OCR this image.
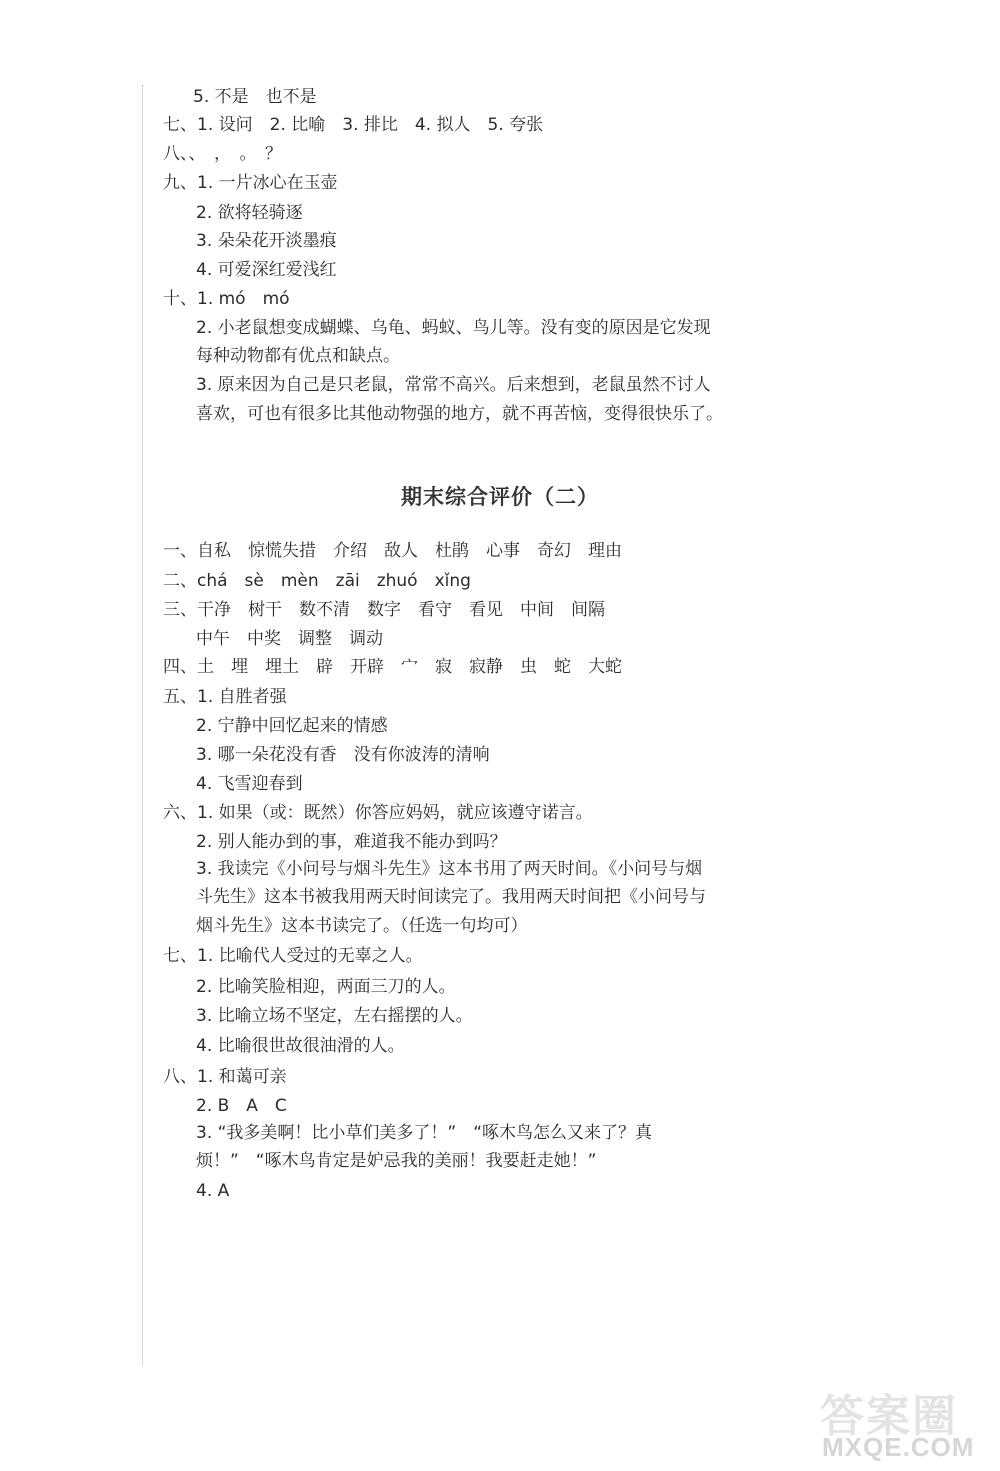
5. 不是　也不是
七、1. 设问　2. 比喻　3. 排比　4. 拟人　5. 夸张
八、、　，　。　？
九、1. 一片冰心在玉壶
2. 欲将轻骑逐
3. 朵朵花开淡墨痕
4. 可爱深红爱浅红
十、1. mó　mó
2. 小老鼠想变成蝴蝶、乌龟、蚂蚁、鸟儿等。没有变的原因是它发现
每种动物都有优点和缺点。
3. 原来因为自己是只老鼠，常常不高兴。后来想到，老鼠虽然不讨人
喜欢，可也有很多比其他动物强的地方，就不再苦恼，变得很快乐了。
期末综合评价（二）
一、自私　惊慌失措　介绍　敌人　杜鹃　心事　奇幻　理由
二、chá　sè　mèn　zāi　zhuó　xǐng
三、干净　树干　数不清　数字　看守　看见　中间　间隔
中午　中奖　调整　调动
四、土　埋　埋土　辟　开辟　宀　寂　寂静　虫　蛇　大蛇
五、1. 自胜者强
2. 宁静中回忆起来的情感
3. 哪一朵花没有香　没有你波涛的清响
4. 飞雪迎春到
六、1. 如果（或：既然）你答应妈妈，就应该遵守诺言。
2. 别人能办到的事，难道我不能办到吗？
3. 我读完《小问号与烟斗先生》这本书用了两天时间。《小问号与烟
斗先生》这本书被我用两天时间读完了。我用两天时间把《小问号与
烟斗先生》这本书读完了。（任选一句均可）
七、1. 比喻代人受过的无辜之人。
2. 比喻笑脸相迎，两面三刀的人。
3. 比喻立场不坚定，左右摇摆的人。
4. 比喻很世故很油滑的人。
八、1. 和蔼可亲
2. B　A　C
3. “我多美啊！比小草们美多了！”　“啄木鸟怎么又来了？真
烦！”　“啄木鸟肯定是妒忌我的美丽！我要赶走她！”
4. A
答案圈
MXQE.COM
